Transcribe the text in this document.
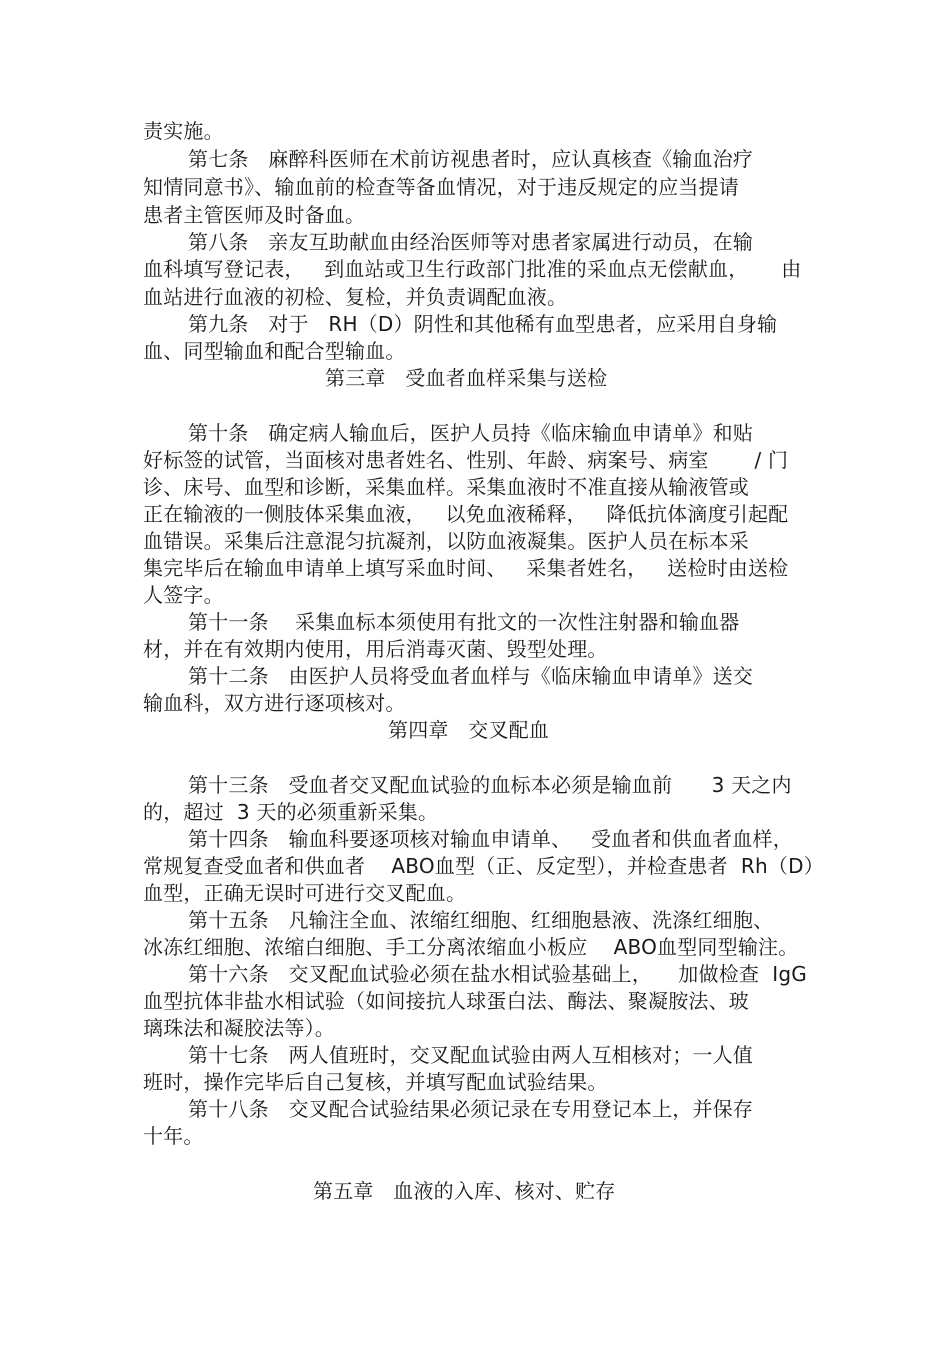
责实施。
第七条   麻醉科医师在术前访视患者时，应认真核查《输血治疗
知情同意书》、输血前的检查等备血情况，对于违反规定的应当提请
患者主管医师及时备血。
第八条   亲友互助献血由经治医师等对患者家属进行动员，在输
血科填写登记表，   到血站或卫生行政部门批准的采血点无偿献血，     由
血站进行血液的初检、复检，并负责调配血液。
第九条   对于   RH（D）阴性和其他稀有血型患者，应采用自身输
血、同型输血和配合型输血。
第三章   受血者血样采集与送检
第十条   确定病人输血后，医护人员持《临床输血申请单》和贴
好标签的试管，当面核对患者姓名、性别、年龄、病案号、病室       / 门
诊、床号、血型和诊断，采集血样。采集血液时不准直接从输液管或
正在输液的一侧肢体采集血液，   以免血液稀释，   降低抗体滴度引起配
血错误。采集后注意混匀抗凝剂，以防血液凝集。医护人员在标本采
集完毕后在输血申请单上填写采血时间、   采集者姓名，   送检时由送检
人签字。
第十一条    采集血标本须使用有批文的一次性注射器和输血器
材，并在有效期内使用，用后消毒灭菌、毁型处理。
第十二条   由医护人员将受血者血样与《临床输血申请单》送交
输血科，双方进行逐项核对。
第四章   交叉配血
第十三条   受血者交叉配血试验的血标本必须是输血前      3 天之内
的，超过  3 天的必须重新采集。
第十四条   输血科要逐项核对输血申请单、   受血者和供血者血样，
常规复查受血者和供血者    ABO血型（正、反定型），并检查患者  Rh（D）
血型，正确无误时可进行交叉配血。
第十五条   凡输注全血、浓缩红细胞、红细胞悬液、洗涤红细胞、
冰冻红细胞、浓缩白细胞、手工分离浓缩血小板应    ABO血型同型输注。
第十六条   交叉配血试验必须在盐水相试验基础上，    加做检查  IgG
血型抗体非盐水相试验（如间接抗人球蛋白法、酶法、聚凝胺法、玻
璃珠法和凝胶法等）。
第十七条   两人值班时，交叉配血试验由两人互相核对；一人值
班时，操作完毕后自己复核，并填写配血试验结果。
第十八条   交叉配合试验结果必须记录在专用登记本上，并保存
十年。
第五章   血液的入库、核对、贮存
